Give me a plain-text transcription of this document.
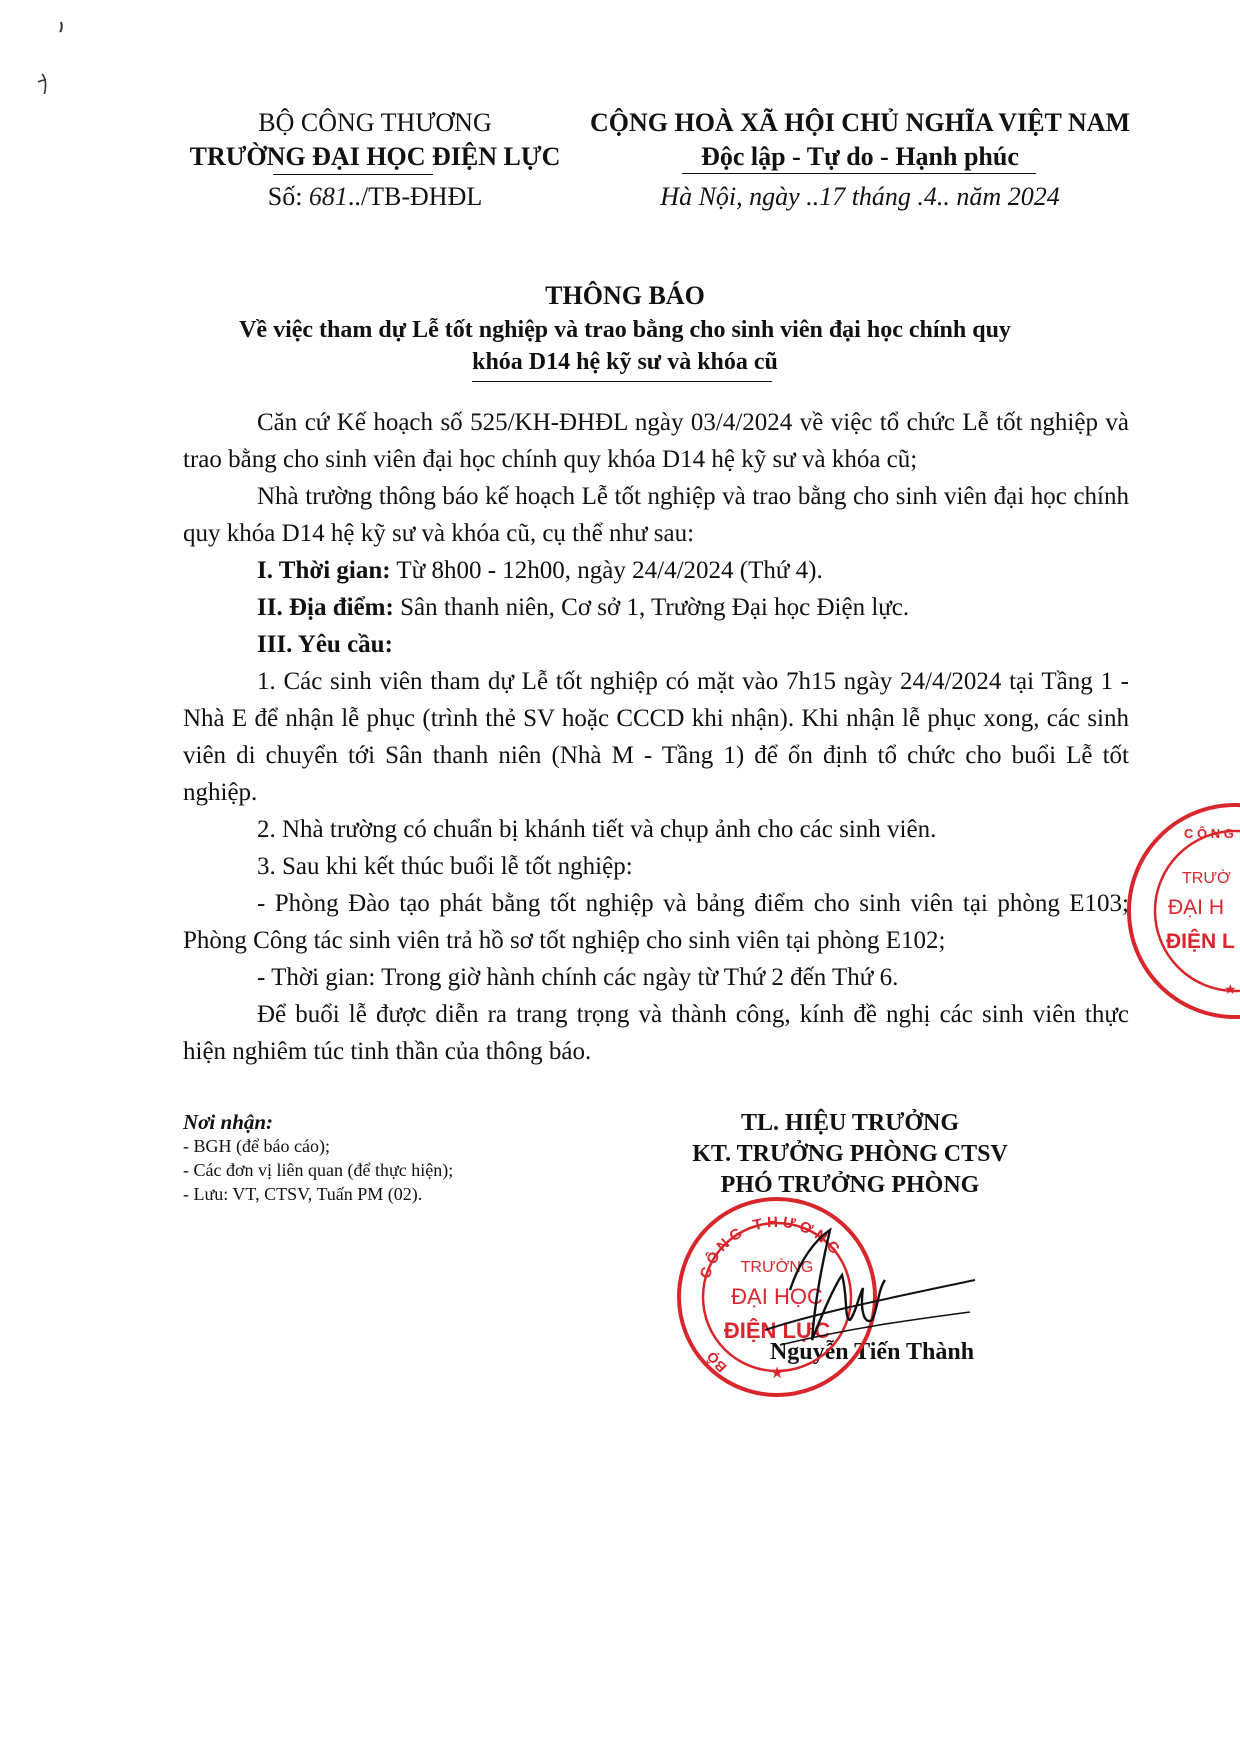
BỘ CÔNG THƯƠNG
TRƯỜNG ĐẠI HỌC ĐIỆN LỰC
Số: 681../TB-ĐHĐL
CỘNG HOÀ XÃ HỘI CHỦ NGHĨA VIỆT NAM
Độc lập - Tự do - Hạnh phúc
Hà Nội, ngày ..17 tháng .4.. năm 2024
THÔNG BÁO
Về việc tham dự Lễ tốt nghiệp và trao bằng cho sinh viên đại học chính quy
khóa D14 hệ kỹ sư và khóa cũ

Căn cứ Kế hoạch số 525/KH-ĐHĐL ngày 03/4/2024 về việc tổ chức Lễ tốt nghiệp và trao bằng cho sinh viên đại học chính quy khóa D14 hệ kỹ sư và khóa cũ;

Nhà trường thông báo kế hoạch Lễ tốt nghiệp và trao bằng cho sinh viên đại học chính quy khóa D14 hệ kỹ sư và khóa cũ, cụ thể như sau:

I. Thời gian: Từ 8h00 - 12h00, ngày 24/4/2024 (Thứ 4).

II. Địa điểm: Sân thanh niên, Cơ sở 1, Trường Đại học Điện lực.

III. Yêu cầu:

1. Các sinh viên tham dự Lễ tốt nghiệp có mặt vào 7h15 ngày 24/4/2024 tại Tầng 1 - Nhà E để nhận lễ phục (trình thẻ SV hoặc CCCD khi nhận). Khi nhận lễ phục xong, các sinh viên di chuyển tới Sân thanh niên (Nhà M - Tầng 1) để ổn định tổ chức cho buổi Lễ tốt nghiệp.

2. Nhà trường có chuẩn bị khánh tiết và chụp ảnh cho các sinh viên.

3. Sau khi kết thúc buổi lễ tốt nghiệp:

- Phòng Đào tạo phát bằng tốt nghiệp và bảng điểm cho sinh viên tại phòng E103; Phòng Công tác sinh viên trả hồ sơ tốt nghiệp cho sinh viên tại phòng E102;

- Thời gian: Trong giờ hành chính các ngày từ Thứ 2 đến Thứ 6.

Để buổi lễ được diễn ra trang trọng và thành công, kính đề nghị các sinh viên thực hiện nghiêm túc tinh thần của thông báo.

Nơi nhận:

- BGH (để báo cáo);

- Các đơn vị liên quan (để thực hiện);

- Lưu: VT, CTSV, Tuấn PM (02).

TL. HIỆU TRƯỞNG

KT. TRƯỞNG PHÒNG CTSV

PHÓ TRƯỞNG PHÒNG

Nguyễn Tiến Thành

CÔNG THƯƠNG
BỘ
TRƯỜNG
ĐẠI HỌC
ĐIỆN LỰC
★
C Ô N G
TRƯỜ
ĐẠI H
ĐIỆN L
★
